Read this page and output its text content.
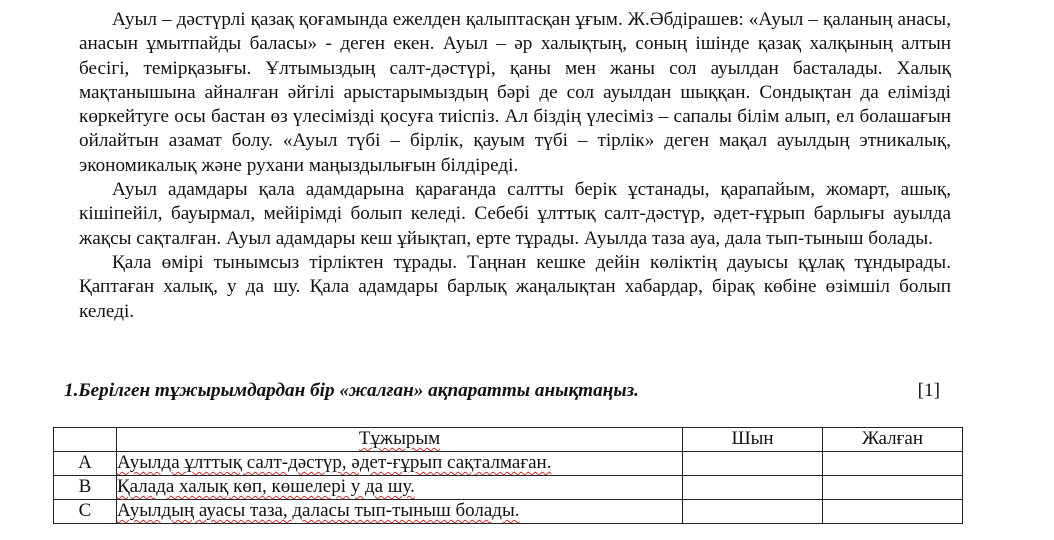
Ауыл – дәстүрлі қазақ қоғамында ежелден қалыптасқан ұғым. Ж.Әбдірашев: «Ауыл – қаланың анасы, анасын ұмытпайды баласы» - деген екен. Ауыл – әр халықтың, соның ішінде қазақ халқының алтын бесігі, темірқазығы. Ұлтымыздың салт-дәстүрі, қаны мен жаны сол ауылдан басталады. Халық мақтанышына айналған әйгілі арыстарымыздың бәрі де сол ауылдан шыққан. Сондықтан да елімізді көркейтуге осы бастан өз үлесімізді қосуға тиіспіз. Ал біздің үлесіміз – сапалы білім алып, ел болашағын ойлайтын азамат болу. «Ауыл түбі – бірлік, қауым түбі – тірлік» деген мақал ауылдың этникалық, экономикалық және рухани маңыздылығын білдіреді.

Ауыл адамдары қала адамдарына қарағанда салтты берік ұстанады, қарапайым, жомарт, ашық, кішіпейіл, бауырмал, мейірімді болып келеді. Себебі ұлттық салт-дәстүр, әдет-ғұрып барлығы ауылда жақсы сақталған. Ауыл адамдары кеш ұйықтап, ерте тұрады. Ауылда таза ауа, дала тып-тыныш болады.

Қала өмірі тынымсыз тірліктен тұрады. Таңнан кешке дейін көліктің дауысы құлақ тұндырады. Қаптаған халық, у да шу. Қала адамдары барлық жаңалықтан хабардар, бірақ көбіне өзімшіл болып келеді.

1.Берілген тұжырымдардан бір «жалған» ақпаратты анықтаңыз.	[1]
	Тұжырым	Шын	Жалған
A	Ауылда ұлттық салт-дәстүр, әдет-ғұрып сақталмаған.		
B	Қалада халық көп, көшелері у да шу.		
C	Ауылдың ауасы таза, даласы тып-тыныш болады.		
